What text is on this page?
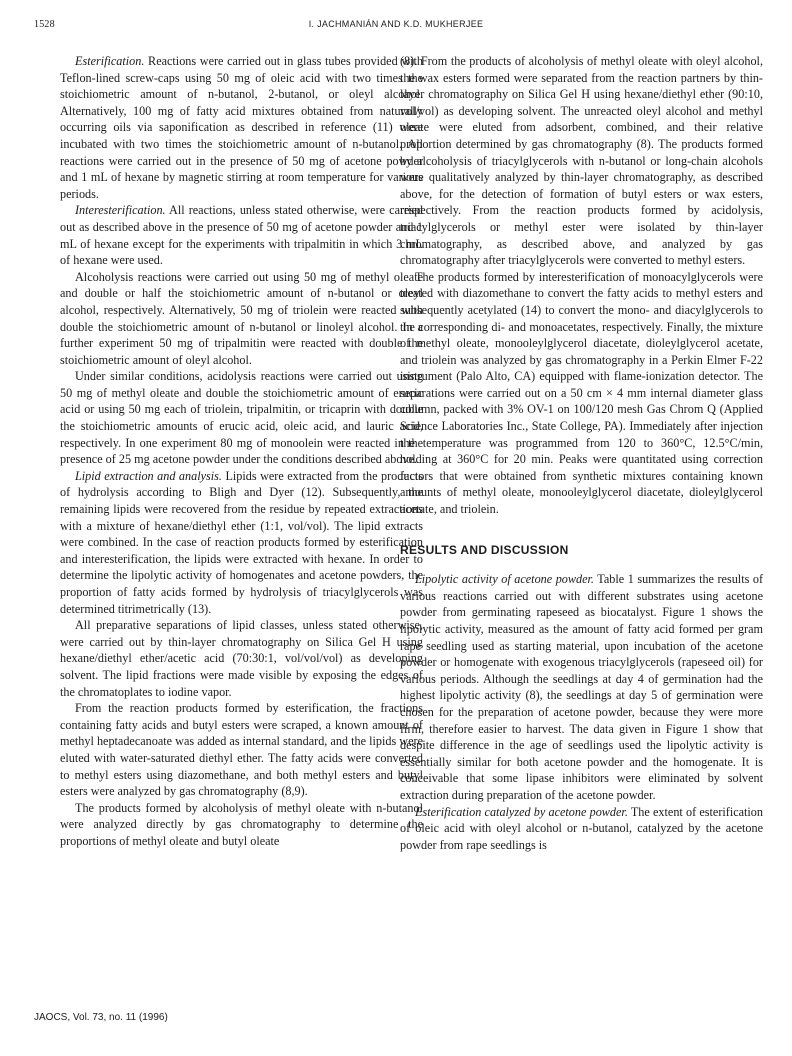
1528	I. JACHMANIÁN AND K.D. MUKHERJEE

Esterification. Reactions were carried out in glass tubes provided with Teflon-lined screw-caps using 50 mg of oleic acid with two times the stoichiometric amount of n-butanol, 2-butanol, or oleyl alcohol. Alternatively, 100 mg of fatty acid mixtures obtained from naturally occurring oils via saponification as described in reference (11) were incubated with two times the stoichiometric amount of n-butanol. All reactions were carried out in the presence of 50 mg of acetone powder and 1 mL of hexane by magnetic stirring at room temperature for various periods.

Interesterification. All reactions, unless stated otherwise, were carried out as described above in the presence of 50 mg of acetone powder and 1 mL of hexane except for the experiments with tripalmitin in which 3 mL of hexane were used.

Alcoholysis reactions were carried out using 50 mg of methyl oleate and double or half the stoichiometric amount of n-butanol or oleyl alcohol, respectively. Alternatively, 50 mg of triolein were reacted with double the stoichiometric amount of n-butanol or linoleyl alcohol. In a further experiment 50 mg of tripalmitin were reacted with double the stoichiometric amount of oleyl alcohol.

Under similar conditions, acidolysis reactions were carried out using 50 mg of methyl oleate and double the stoichiometric amount of erucic acid or using 50 mg each of triolein, tripalmitin, or tricaprin with double the stoichiometric amounts of erucic acid, oleic acid, and lauric acid, respectively. In one experiment 80 mg of monoolein were reacted in the presence of 25 mg acetone powder under the conditions described above.

Lipid extraction and analysis. Lipids were extracted from the products of hydrolysis according to Bligh and Dyer (12). Subsequently, the remaining lipids were recovered from the residue by repeated extractions with a mixture of hexane/diethyl ether (1:1, vol/vol). The lipid extracts were combined. In the case of reaction products formed by esterification and interesterification, the lipids were extracted with hexane. In order to determine the lipolytic activity of homogenates and acetone powders, the proportion of fatty acids formed by hydrolysis of triacylglycerols was determined titrimetrically (13).

All preparative separations of lipid classes, unless stated otherwise, were carried out by thin-layer chromatography on Silica Gel H using hexane/diethyl ether/acetic acid (70:30:1, vol/vol/vol) as developing solvent. The lipid fractions were made visible by exposing the edges of the chromatoplates to iodine vapor.

From the reaction products formed by esterification, the fractions containing fatty acids and butyl esters were scraped, a known amount of methyl heptadecanoate was added as internal standard, and the lipids were eluted with water-saturated diethyl ether. The fatty acids were converted to methyl esters using diazomethane, and both methyl esters and butyl esters were analyzed by gas chromatography (8,9).

The products formed by alcoholysis of methyl oleate with n-butanol were analyzed directly by gas chromatography to determine the proportions of methyl oleate and butyl oleate

(8). From the products of alcoholysis of methyl oleate with oleyl alcohol, the wax esters formed were separated from the reaction partners by thin-layer chromatography on Silica Gel H using hexane/diethyl ether (90:10, vol/vol) as developing solvent. The unreacted oleyl alcohol and methyl oleate were eluted from adsorbent, combined, and their relative proportion determined by gas chromatography (8). The products formed by alcoholysis of triacylglycerols with n-butanol or long-chain alcohols were qualitatively analyzed by thin-layer chromatography, as described above, for the detection of formation of butyl esters or wax esters, respectively. From the reaction products formed by acidolysis, triacylglycerols or methyl ester were isolated by thin-layer chromatography, as described above, and analyzed by gas chromatography after triacylglycerols were converted to methyl esters.

The products formed by interesterification of monoacylglycerols were treated with diazomethane to convert the fatty acids to methyl esters and subsequently acetylated (14) to convert the mono- and diacylglycerols to the corresponding di- and monoacetates, respectively. Finally, the mixture of methyl oleate, monooleylglycerol diacetate, dioleylglycerol acetate, and triolein was analyzed by gas chromatography in a Perkin Elmer F-22 instrument (Palo Alto, CA) equipped with flame-ionization detector. The separations were carried out on a 50 cm × 4 mm internal diameter glass column, packed with 3% OV-1 on 100/120 mesh Gas Chrom Q (Applied Science Laboratories Inc., State College, PA). Immediately after injection the temperature was programmed from 120 to 360°C, 12.5°C/min, holding at 360°C for 20 min. Peaks were quantitated using correction factors that were obtained from synthetic mixtures containing known amounts of methyl oleate, monooleylglycerol diacetate, dioleylglycerol acetate, and triolein.

RESULTS AND DISCUSSION

Lipolytic activity of acetone powder. Table 1 summarizes the results of various reactions carried out with different substrates using acetone powder from germinating rapeseed as biocatalyst. Figure 1 shows the lipolytic activity, measured as the amount of fatty acid formed per gram rape seedling used as starting material, upon incubation of the acetone powder or homogenate with exogenous triacylglycerols (rapeseed oil) for various periods. Although the seedlings at day 4 of germination had the highest lipolytic activity (8), the seedlings at day 5 of germination were chosen for the preparation of acetone powder, because they were more firm, therefore easier to harvest. The data given in Figure 1 show that despite difference in the age of seedlings used the lipolytic activity is essentially similar for both acetone powder and the homogenate. It is conceivable that some lipase inhibitors were eliminated by solvent extraction during preparation of the acetone powder.

Esterification catalyzed by acetone powder. The extent of esterification of oleic acid with oleyl alcohol or n-butanol, catalyzed by the acetone powder from rape seedlings is

JAOCS, Vol. 73, no. 11 (1996)
